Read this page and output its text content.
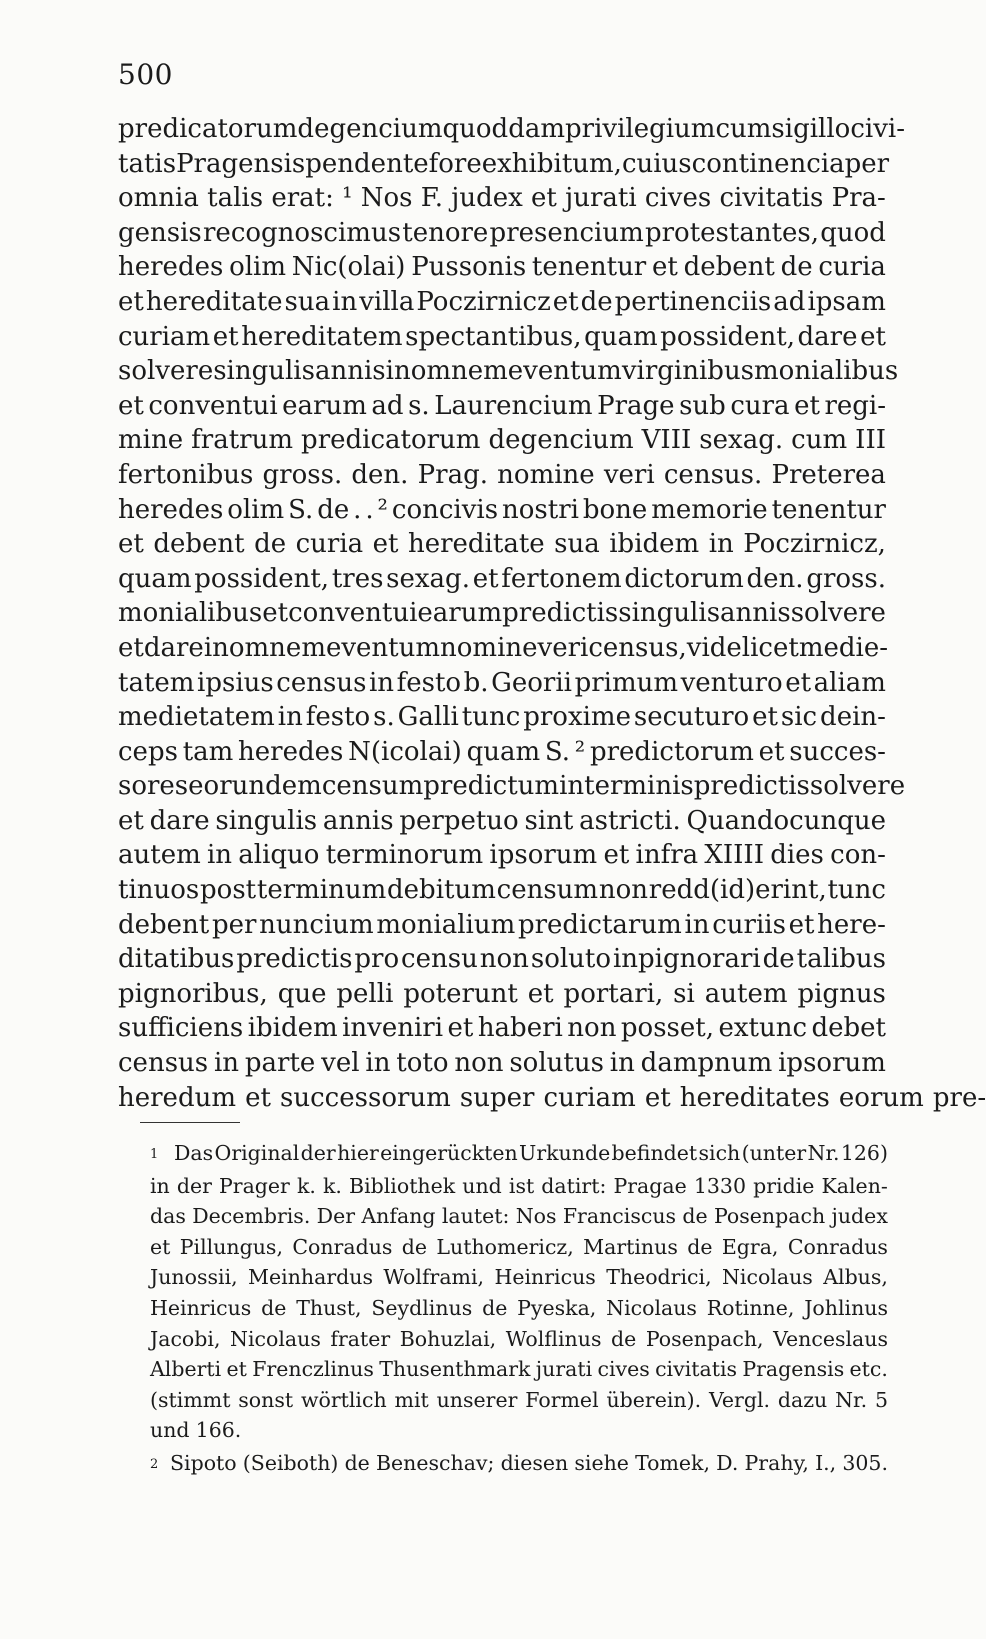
500
predicatorum degencium quoddam privilegium cum sigillo civi-
tatis Pragensis pendente fore exhibitum, cuius continencia per
omnia talis erat: ¹ Nos F. judex et jurati cives civitatis Pra-
gensis recognoscimus tenore presencium protestantes, quod
heredes olim Nic(olai) Pussonis tenentur et debent de curia
et hereditate sua in villa Poczirnicz et de pertinenciis ad ipsam
curiam et hereditatem spectantibus, quam possident, dare et
solvere singulis annis in omnem eventum virginibus monialibus
et conventui earum ad s. Laurencium Prage sub cura et regi-
mine fratrum predicatorum degencium VIII sexag. cum III
fertonibus gross. den. Prag. nomine veri census. Preterea
heredes olim S. de . . ² concivis nostri bone memorie tenentur
et debent de curia et hereditate sua ibidem in Poczirnicz,
quam possident, tres sexag. et fertonem dictorum den. gross.
monialibus et conventui earum predictis singulis annis solvere
et dare in omnem eventum nomine veri census, videlicet medie-
tatem ipsius census in festo b. Georii primum venturo et aliam
medietatem in festo s. Galli tunc proxime secuturo et sic dein-
ceps tam heredes N(icolai) quam S. ² predictorum et succes-
sores eorundem censum predictum in terminis predictis solvere
et dare singulis annis perpetuo sint astricti. Quandocunque
autem in aliquo terminorum ipsorum et infra XIIII dies con-
tinuos post terminum debitum censum non redd(id)erint, tunc
debent per nuncium monialium predictarum in curiis et here-
ditatibus predictis pro censu non soluto inpignorari de talibus
pignoribus, que pelli poterunt et portari, si autem pignus
sufficiens ibidem inveniri et haberi non posset, extunc debet
census in parte vel in toto non solutus in dampnum ipsorum
heredum et successorum super curiam et hereditates eorum pre-
1 Das Original der hier eingerückten Urkunde befindet sich (unter Nr. 126)
in der Prager k. k. Bibliothek und ist datirt: Pragae 1330 pridie Kalen-
das Decembris. Der Anfang lautet: Nos Franciscus de Posenpach judex
et Pillungus, Conradus de Luthomericz, Martinus de Egra, Conradus
Junossii, Meinhardus Wolframi, Heinricus Theodrici, Nicolaus Albus,
Heinricus de Thust, Seydlinus de Pyeska, Nicolaus Rotinne, Johlinus
Jacobi, Nicolaus frater Bohuzlai, Wolflinus de Posenpach, Venceslaus
Alberti et Frenczlinus Thusenthmark jurati cives civitatis Pragensis etc.
(stimmt sonst wörtlich mit unserer Formel überein). Vergl. dazu Nr. 5
und 166.
2 Sipoto (Seiboth) de Beneschav; diesen siehe Tomek, D. Prahy, I., 305.
